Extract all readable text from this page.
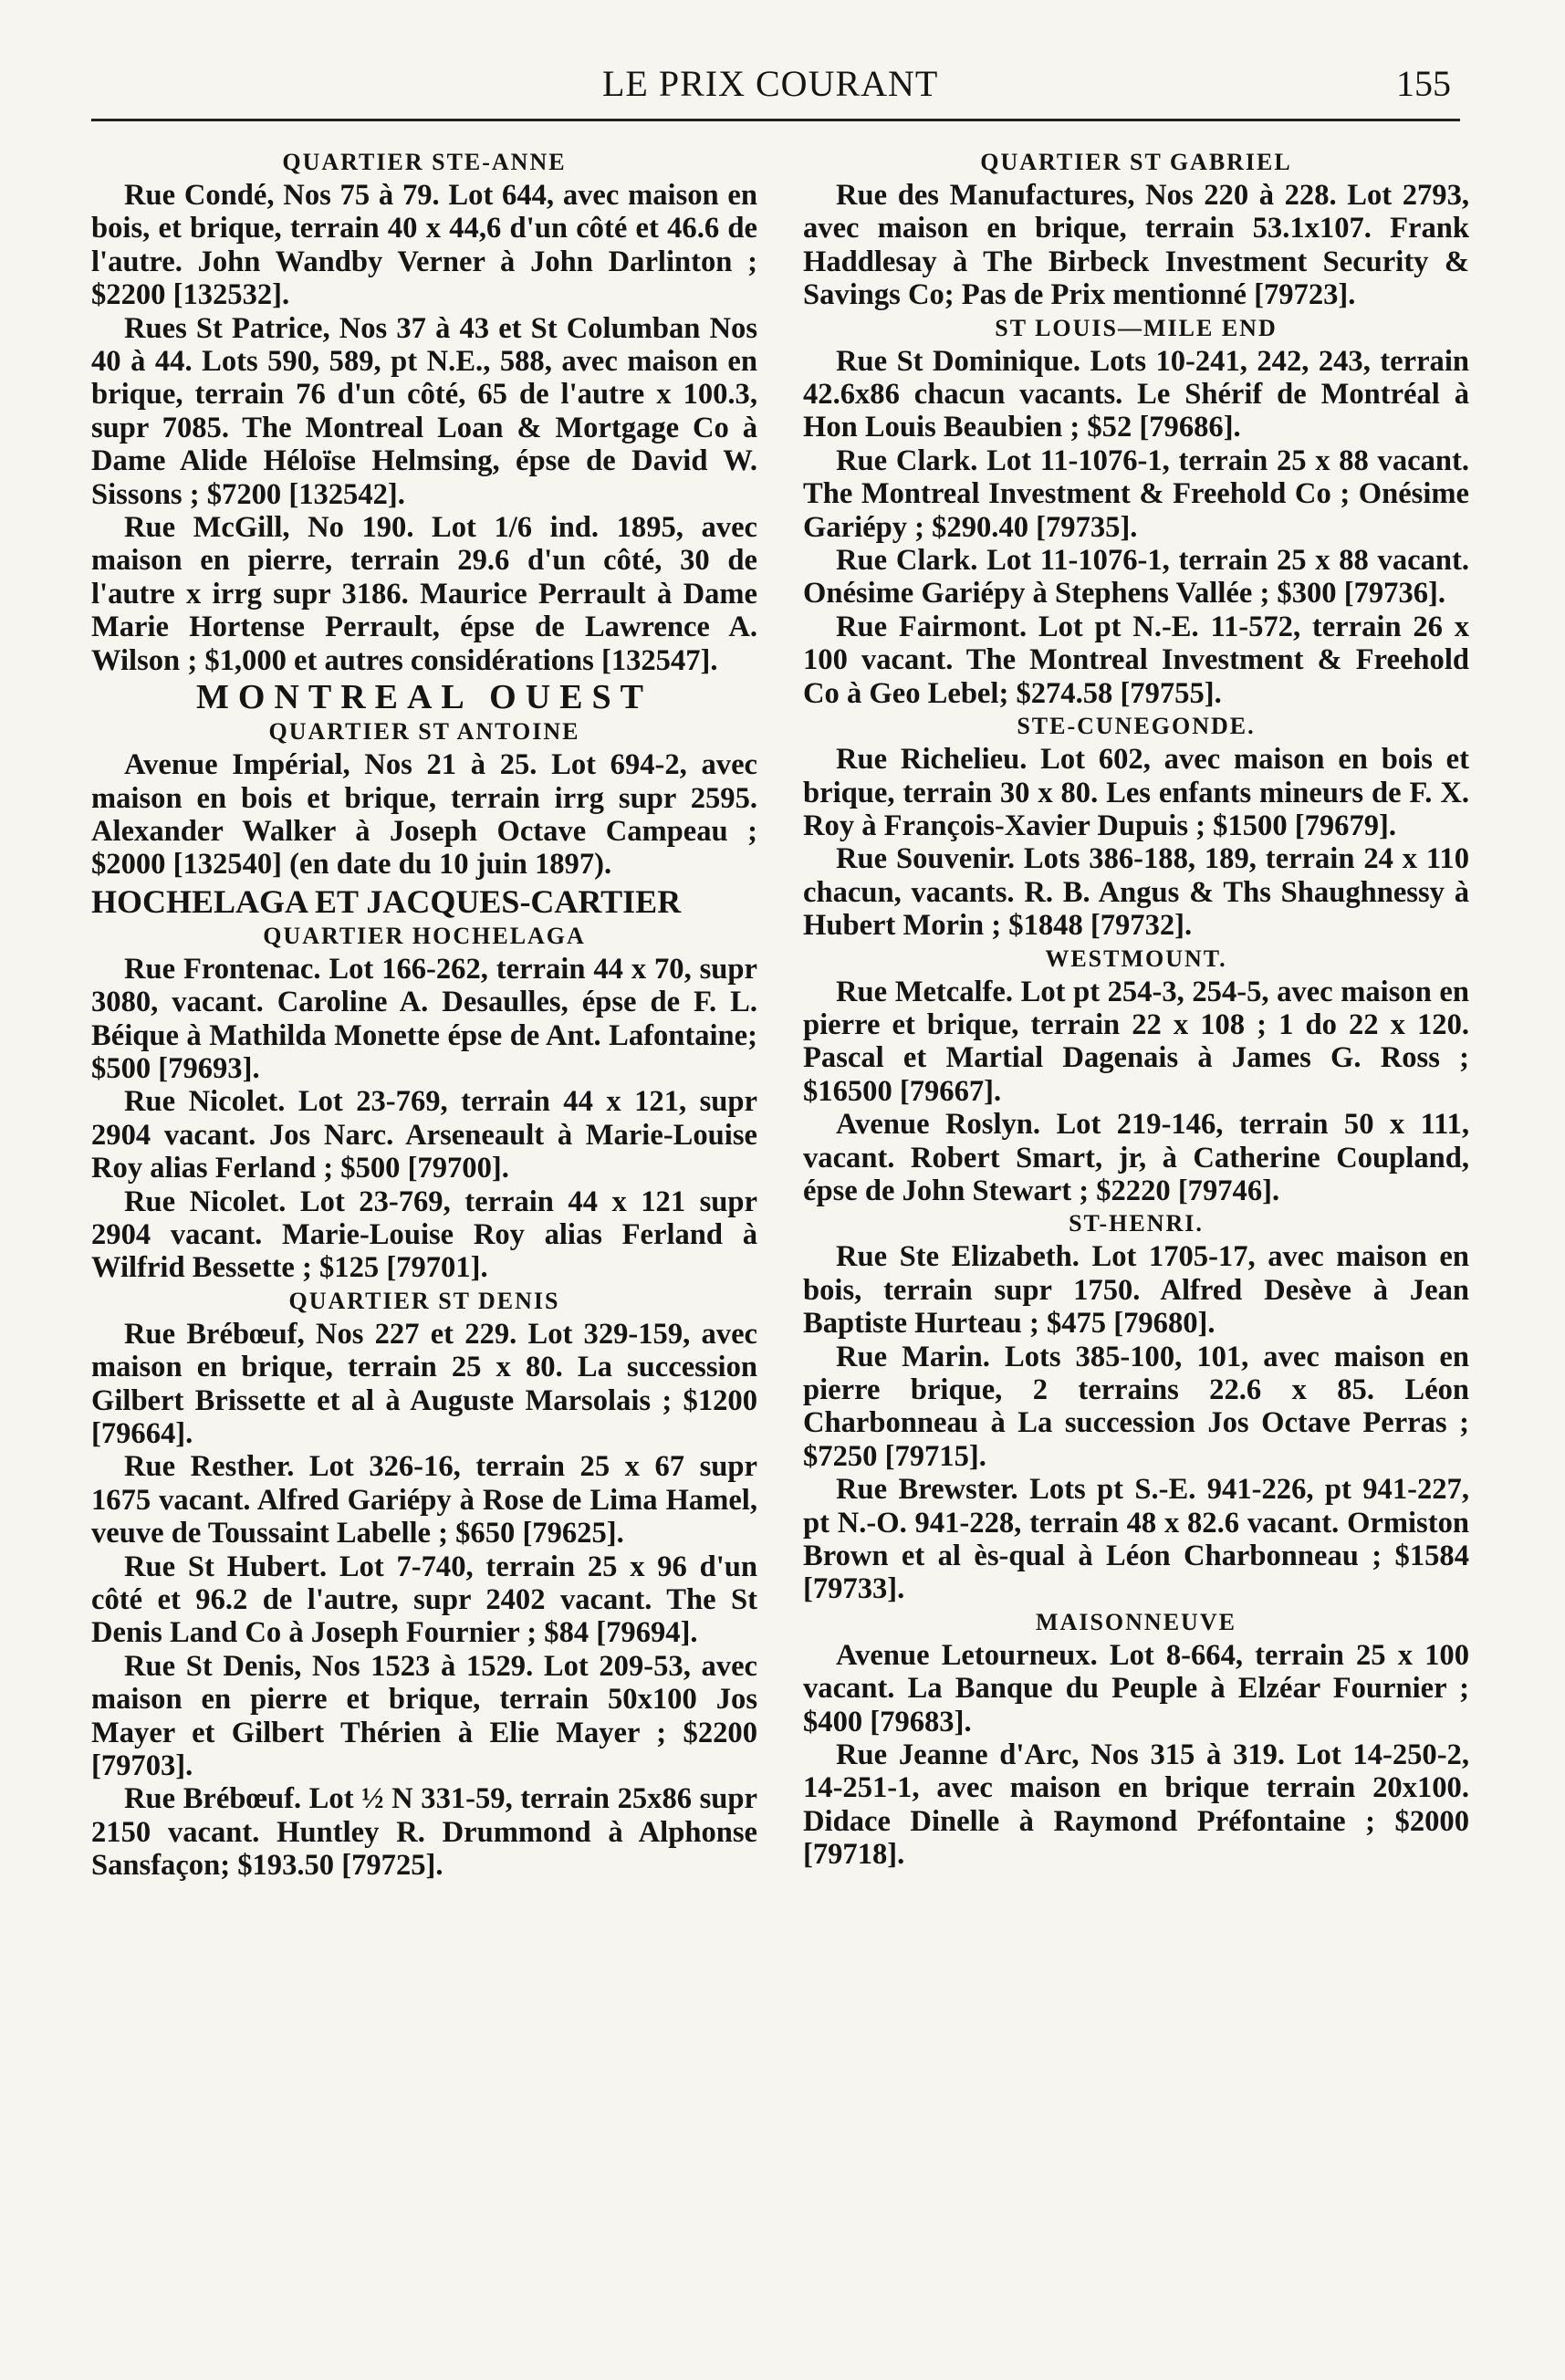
LE PRIX COURANT	155

QUARTIER STE-ANNE

Rue Condé, Nos 75 à 79. Lot 644, avec maison en bois, et brique, terrain 40 x 44,6 d'un côté et 46.6 de l'autre. John Wandby Verner à John Darlinton ; $2200 [132532].

Rues St Patrice, Nos 37 à 43 et St Columban Nos 40 à 44. Lots 590, 589, pt N.E., 588, avec maison en brique, terrain 76 d'un côté, 65 de l'autre x 100.3, supr 7085. The Montreal Loan & Mortgage Co à Dame Alide Héloïse Helmsing, épse de David W. Sissons ; $7200 [132542].

Rue McGill, No 190. Lot 1/6 ind. 1895, avec maison en pierre, terrain 29.6 d'un côté, 30 de l'autre x irrg supr 3186. Maurice Perrault à Dame Marie Hortense Perrault, épse de Lawrence A. Wilson ; $1,000 et autres considérations [132547].

MONTREAL OUEST

QUARTIER ST ANTOINE

Avenue Impérial, Nos 21 à 25. Lot 694-2, avec maison en bois et brique, terrain irrg supr 2595. Alexander Walker à Joseph Octave Campeau ; $2000 [132540] (en date du 10 juin 1897).

HOCHELAGA ET JACQUES-CARTIER

QUARTIER HOCHELAGA

Rue Frontenac. Lot 166-262, terrain 44 x 70, supr 3080, vacant. Caroline A. Desaulles, épse de F. L. Béique à Mathilda Monette épse de Ant. Lafontaine; $500 [79693].

Rue Nicolet. Lot 23-769, terrain 44 x 121, supr 2904 vacant. Jos Narc. Arseneault à Marie-Louise Roy alias Ferland ; $500 [79700].

Rue Nicolet. Lot 23-769, terrain 44 x 121 supr 2904 vacant. Marie-Louise Roy alias Ferland à Wilfrid Bessette ; $125 [79701].

QUARTIER ST DENIS

Rue Brébœuf, Nos 227 et 229. Lot 329-159, avec maison en brique, terrain 25 x 80. La succession Gilbert Brissette et al à Auguste Marsolais ; $1200 [79664].

Rue Resther. Lot 326-16, terrain 25 x 67 supr 1675 vacant. Alfred Gariépy à Rose de Lima Hamel, veuve de Toussaint Labelle ; $650 [79625].

Rue St Hubert. Lot 7-740, terrain 25 x 96 d'un côté et 96.2 de l'autre, supr 2402 vacant. The St Denis Land Co à Joseph Fournier ; $84 [79694].

Rue St Denis, Nos 1523 à 1529. Lot 209-53, avec maison en pierre et brique, terrain 50x100 Jos Mayer et Gilbert Thérien à Elie Mayer ; $2200 [79703].

Rue Brébœuf. Lot ½ N 331-59, terrain 25x86 supr 2150 vacant. Huntley R. Drummond à Alphonse Sansfaçon; $193.50 [79725].

QUARTIER ST GABRIEL

Rue des Manufactures, Nos 220 à 228. Lot 2793, avec maison en brique, terrain 53.1x107. Frank Haddlesay à The Birbeck Investment Security & Savings Co; Pas de Prix mentionné [79723].

ST LOUIS—MILE END

Rue St Dominique. Lots 10-241, 242, 243, terrain 42.6x86 chacun vacants. Le Shérif de Montréal à Hon Louis Beaubien ; $52 [79686].

Rue Clark. Lot 11-1076-1, terrain 25 x 88 vacant. The Montreal Investment & Freehold Co ; Onésime Gariépy ; $290.40 [79735].

Rue Clark. Lot 11-1076-1, terrain 25 x 88 vacant. Onésime Gariépy à Stephens Vallée ; $300 [79736].

Rue Fairmont. Lot pt N.-E. 11-572, terrain 26 x 100 vacant. The Montreal Investment & Freehold Co à Geo Lebel; $274.58 [79755].

STE-CUNEGONDE.

Rue Richelieu. Lot 602, avec maison en bois et brique, terrain 30 x 80. Les enfants mineurs de F. X. Roy à François-Xavier Dupuis ; $1500 [79679].

Rue Souvenir. Lots 386-188, 189, terrain 24 x 110 chacun, vacants. R. B. Angus & Ths Shaughnessy à Hubert Morin ; $1848 [79732].

WESTMOUNT.

Rue Metcalfe. Lot pt 254-3, 254-5, avec maison en pierre et brique, terrain 22 x 108 ; 1 do 22 x 120. Pascal et Martial Dagenais à James G. Ross ; $16500 [79667].

Avenue Roslyn. Lot 219-146, terrain 50 x 111, vacant. Robert Smart, jr, à Catherine Coupland, épse de John Stewart ; $2220 [79746].

ST-HENRI.

Rue Ste Elizabeth. Lot 1705-17, avec maison en bois, terrain supr 1750. Alfred Desève à Jean Baptiste Hurteau ; $475 [79680].

Rue Marin. Lots 385-100, 101, avec maison en pierre brique, 2 terrains 22.6 x 85. Léon Charbonneau à La succession Jos Octave Perras ; $7250 [79715].

Rue Brewster. Lots pt S.-E. 941-226, pt 941-227, pt N.-O. 941-228, terrain 48 x 82.6 vacant. Ormiston Brown et al ès-qual à Léon Charbonneau ; $1584 [79733].

MAISONNEUVE

Avenue Letourneux. Lot 8-664, terrain 25 x 100 vacant. La Banque du Peuple à Elzéar Fournier ; $400 [79683].

Rue Jeanne d'Arc, Nos 315 à 319. Lot 14-250-2, 14-251-1, avec maison en brique terrain 20x100. Didace Dinelle à Raymond Préfontaine ; $2000 [79718].
